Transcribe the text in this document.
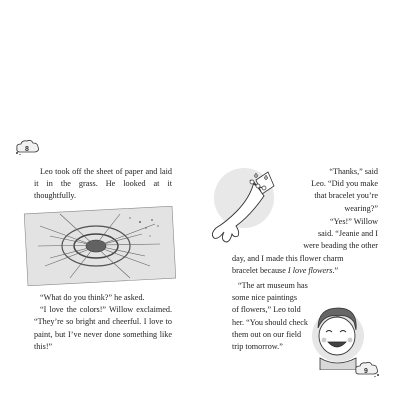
8

Leo took off the sheet of paper and laid it in the grass. He looked at it thoughtfully.

“What do you think?” he asked.

“I love the colors!” Willow exclaimed. “They’re so bright and cheerful. I love to paint, but I’ve never done something like this!”

“Thanks,” said

Leo. “Did you make

that bracelet you’re

wearing?”

“Yes!” Willow

said. “Jeanie and I

were beading the other

day, and I made this flower charm

bracelet because I love flowers.”

“The art museum has

some nice paintings

of flowers,” Leo told

her. “You should check

them out on our field

trip tomorrow.”

9
